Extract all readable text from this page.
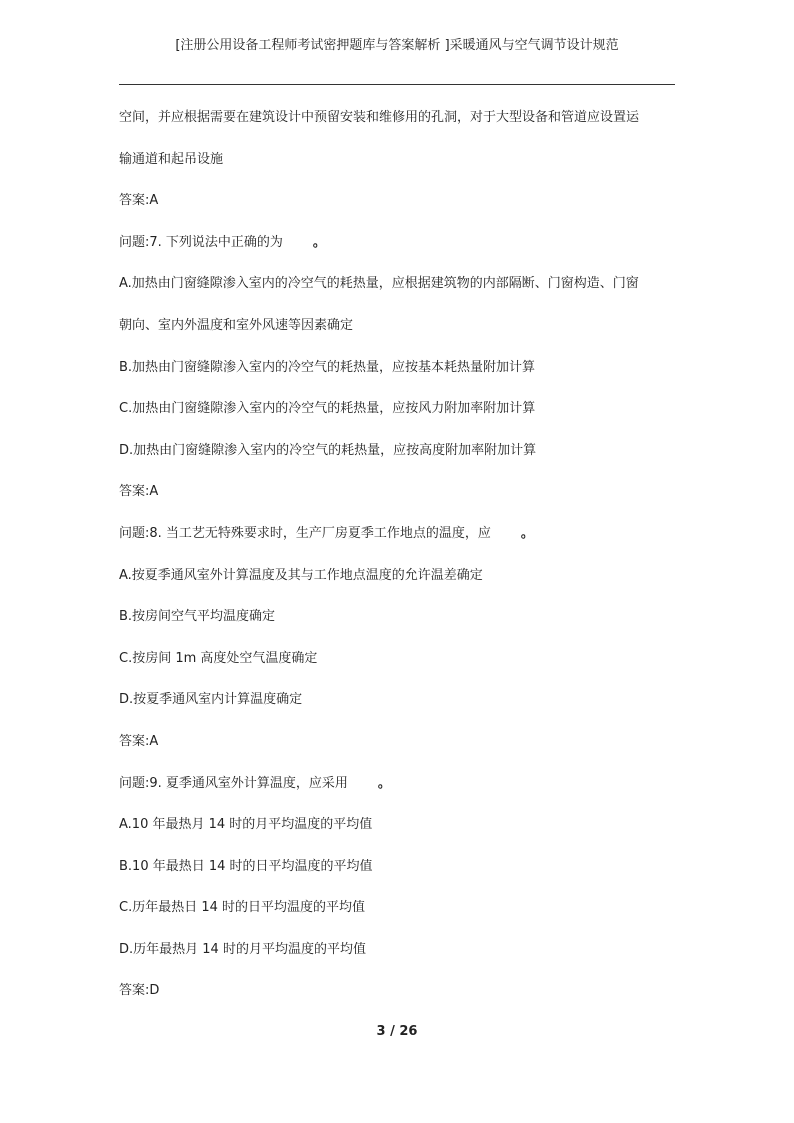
[注册公用设备工程师考试密押题库与答案解析 ]采暖通风与空气调节设计规范
空间，并应根据需要在建筑设计中预留安装和维修用的孔洞，对于大型设备和管道应设置运
输通道和起吊设施
答案:A
问题:7. 下列说法中正确的为 。
A.加热由门窗缝隙渗入室内的冷空气的耗热量，应根据建筑物的内部隔断、门窗构造、门窗
朝向、室内外温度和室外风速等因素确定
B.加热由门窗缝隙渗入室内的冷空气的耗热量，应按基本耗热量附加计算
C.加热由门窗缝隙渗入室内的冷空气的耗热量，应按风力附加率附加计算
D.加热由门窗缝隙渗入室内的冷空气的耗热量，应按高度附加率附加计算
答案:A
问题:8. 当工艺无特殊要求时，生产厂房夏季工作地点的温度，应 。
A.按夏季通风室外计算温度及其与工作地点温度的允许温差确定
B.按房间空气平均温度确定
C.按房间 1m 高度处空气温度确定
D.按夏季通风室内计算温度确定
答案:A
问题:9. 夏季通风室外计算温度，应采用 。
A.10 年最热月 14 时的月平均温度的平均值
B.10 年最热日 14 时的日平均温度的平均值
C.历年最热日 14 时的日平均温度的平均值
D.历年最热月 14 时的月平均温度的平均值
答案:D
3 / 26
